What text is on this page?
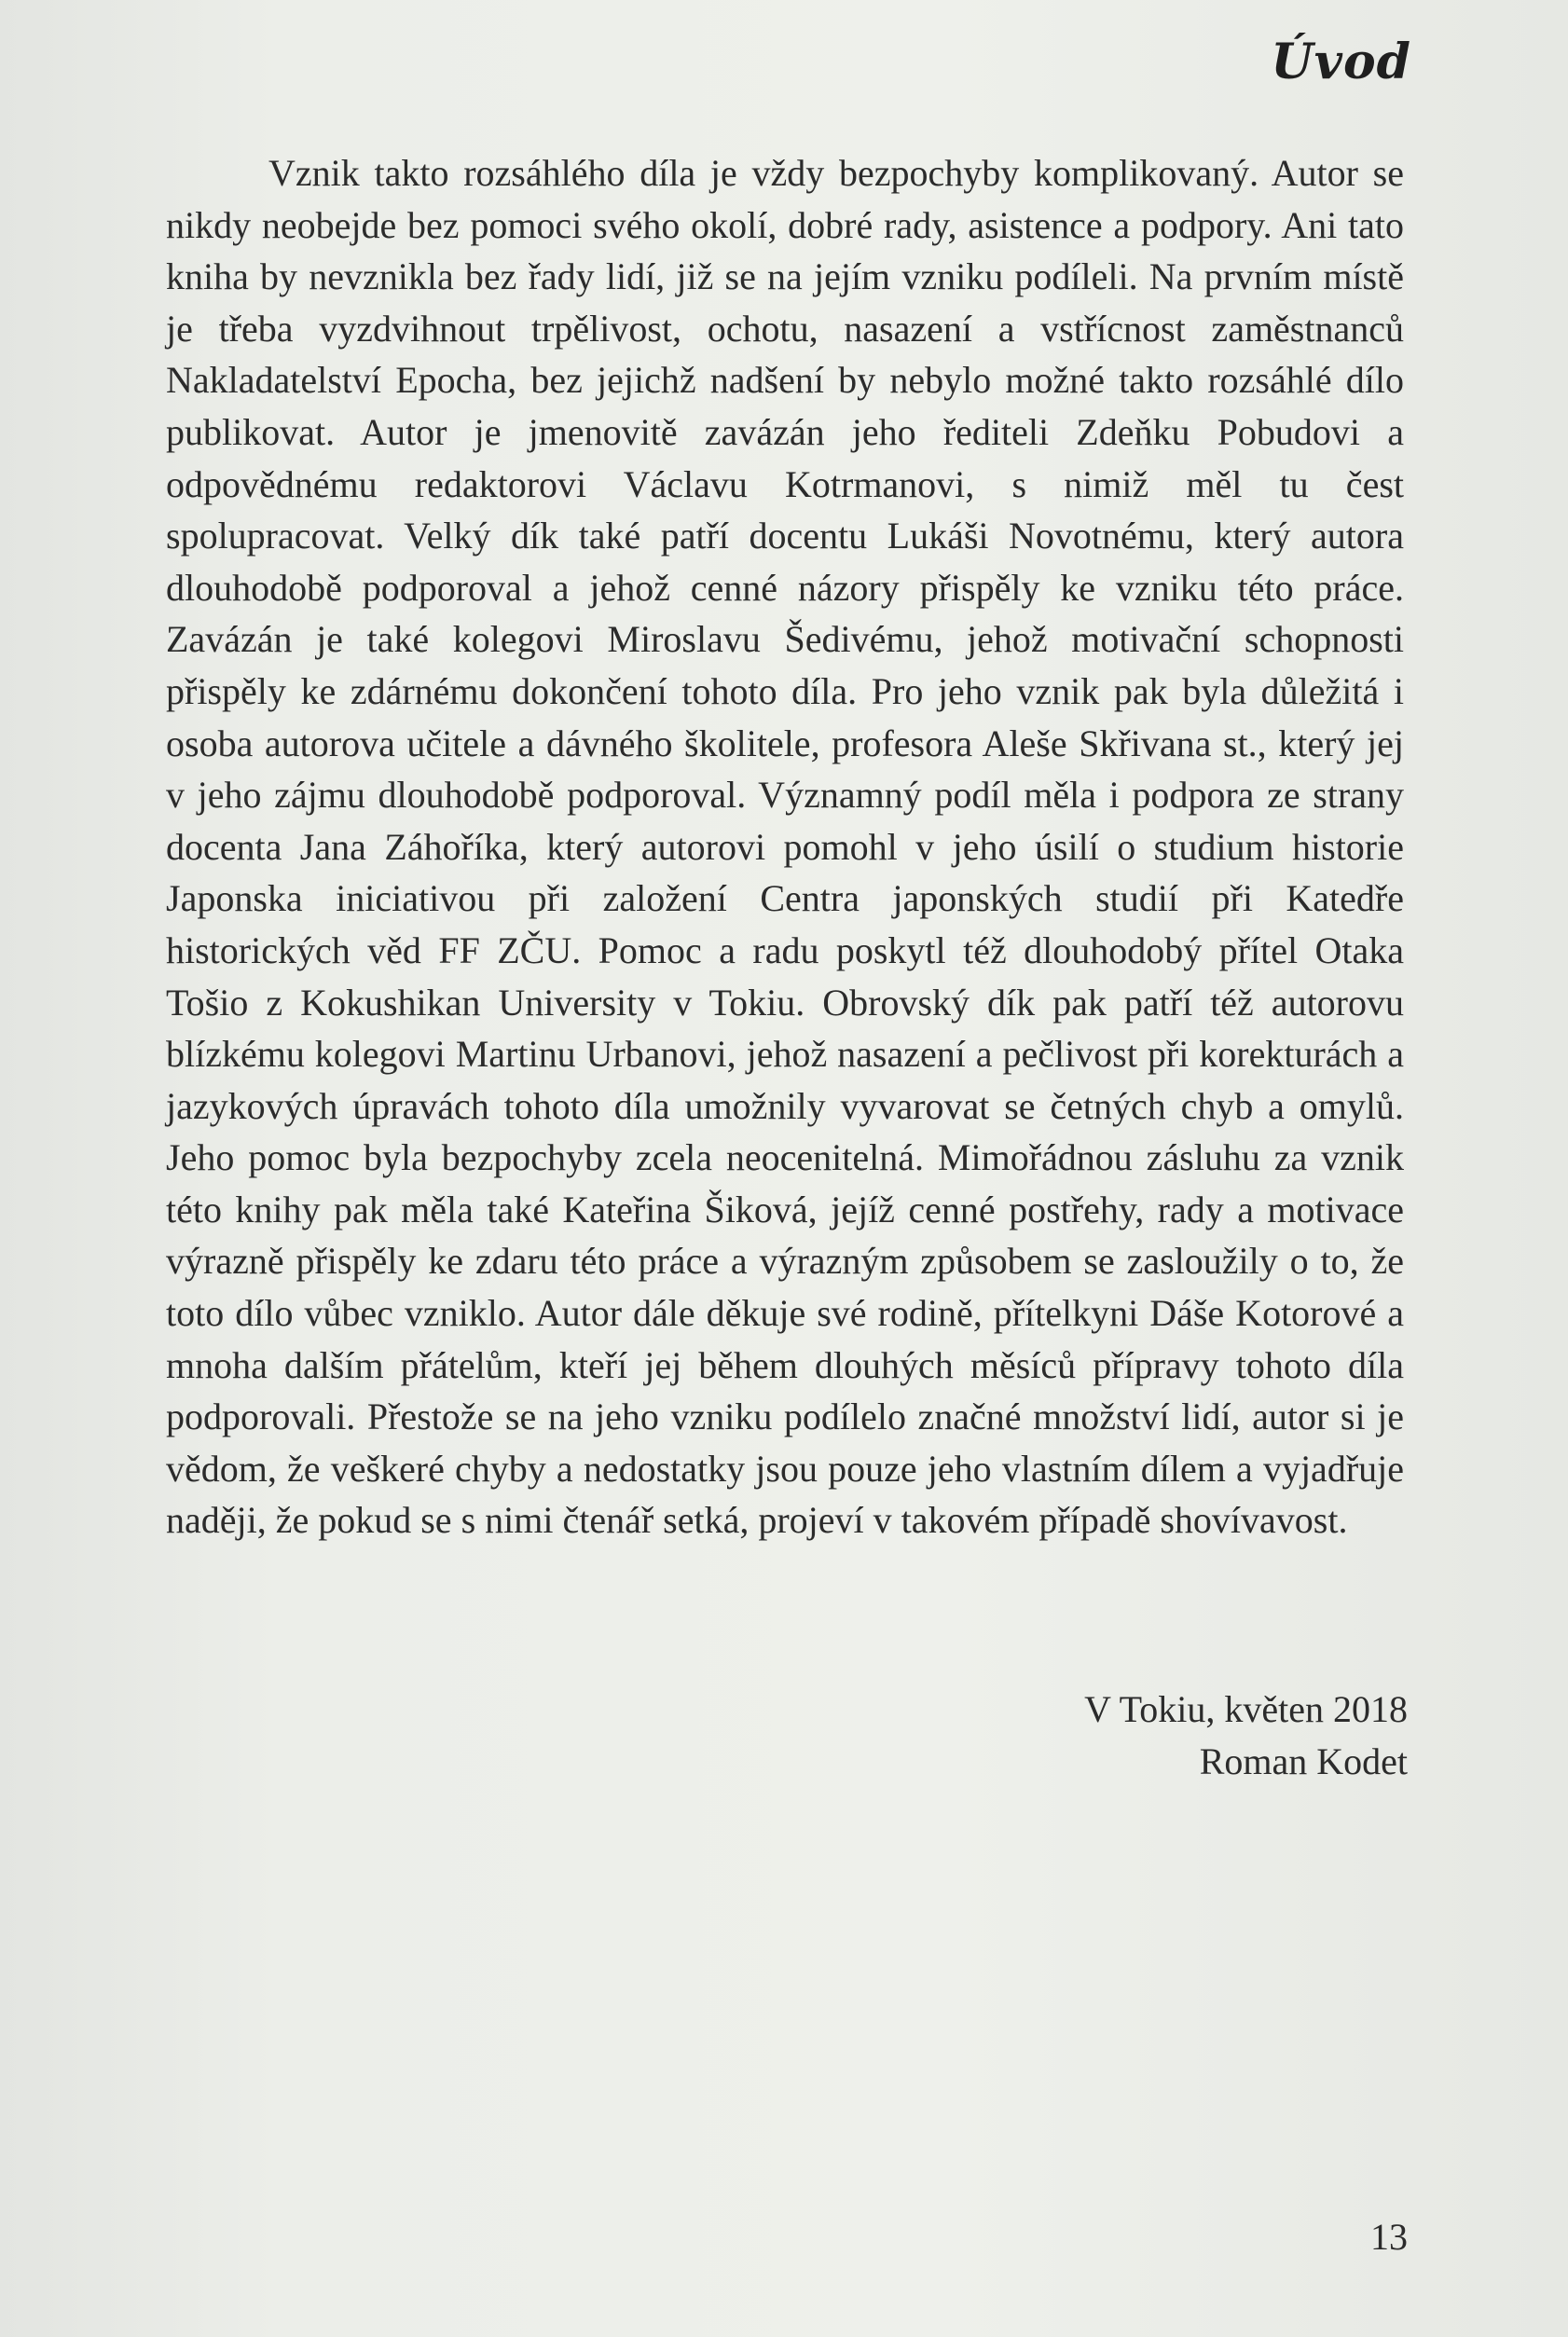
Úvod

Vznik takto rozsáhlého díla je vždy bezpochyby komplikovaný. Autor se nikdy neobejde bez pomoci svého okolí, dobré rady, asistence a podpory. Ani tato kniha by nevznikla bez řady lidí, již se na jejím vzniku podíleli. Na prvním místě je třeba vyzdvihnout trpělivost, ochotu, nasazení a vstřícnost zaměstnanců Nakladatelství Epocha, bez jejichž nadšení by nebylo možné takto rozsáhlé dílo publikovat. Autor je jmenovitě zavázán jeho řediteli Zdeňku Pobudovi a odpovědnému redaktorovi Václavu Kotrmanovi, s nimiž měl tu čest spolupracovat. Velký dík také patří docentu Lukáši Novotnému, který autora dlouhodobě podporoval a jehož cenné názory přispěly ke vzniku této práce. Zavázán je také kolegovi Miroslavu Šedivému, jehož motivační schopnosti přispěly ke zdárnému dokončení tohoto díla. Pro jeho vznik pak byla důležitá i osoba autorova učitele a dávného školitele, profesora Aleše Skřivana st., který jej v jeho zájmu dlouhodobě podporoval. Významný podíl měla i podpora ze strany docenta Jana Záhoříka, který autorovi pomohl v jeho úsilí o studium historie Japonska iniciativou při založení Centra japonských studií při Katedře historických věd FF ZČU. Pomoc a radu poskytl též dlouhodobý přítel Otaka Tošio z Kokushikan University v Tokiu. Obrovský dík pak patří též autorovu blízkému kolegovi Martinu Urbanovi, jehož nasazení a pečlivost při korekturách a jazykových úpravách tohoto díla umožnily vyvarovat se četných chyb a omylů. Jeho pomoc byla bezpochyby zcela neocenitelná. Mimořádnou zásluhu za vznik této knihy pak měla také Kateřina Šiková, jejíž cenné postřehy, rady a motivace výrazně přispěly ke zdaru této práce a výrazným způsobem se zasloužily o to, že toto dílo vůbec vzniklo. Autor dále děkuje své rodině, přítelkyni Dáše Kotorové a mnoha dalším přátelům, kteří jej během dlouhých měsíců přípravy tohoto díla podporovali. Přestože se na jeho vzniku podílelo značné množství lidí, autor si je vědom, že veškeré chyby a nedostatky jsou pouze jeho vlastním dílem a vyjadřuje naději, že pokud se s nimi čtenář setká, projeví v takovém případě shovívavost.

V Tokiu, květen 2018
Roman Kodet
13
